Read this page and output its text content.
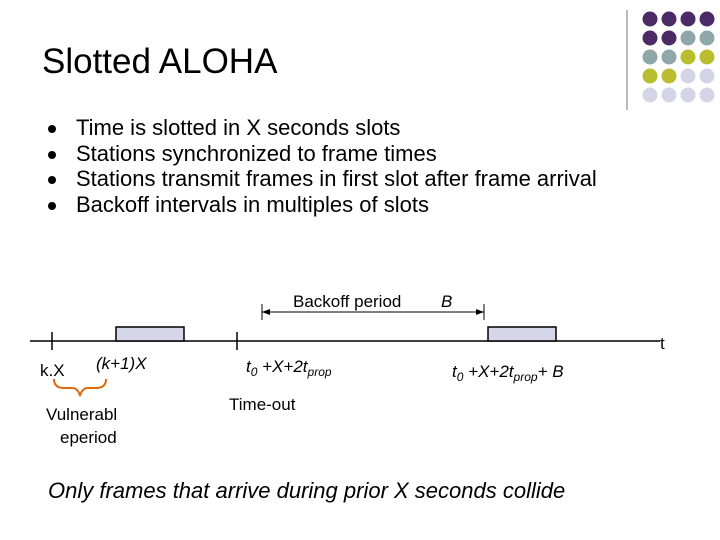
Slotted ALOHA
Time is slotted in X seconds slots
Stations synchronized to frame times
Stations transmit frames in first slot after frame arrival
Backoff intervals in multiples of slots
Backoff period B
t
k.X (k+1)X	$t_0 +X+2t_{prop}$	$t_0 +X+2t_{prop}+ B$
Time-out
Vulnerabl
eperiod
Only frames that arrive during prior X seconds collide
